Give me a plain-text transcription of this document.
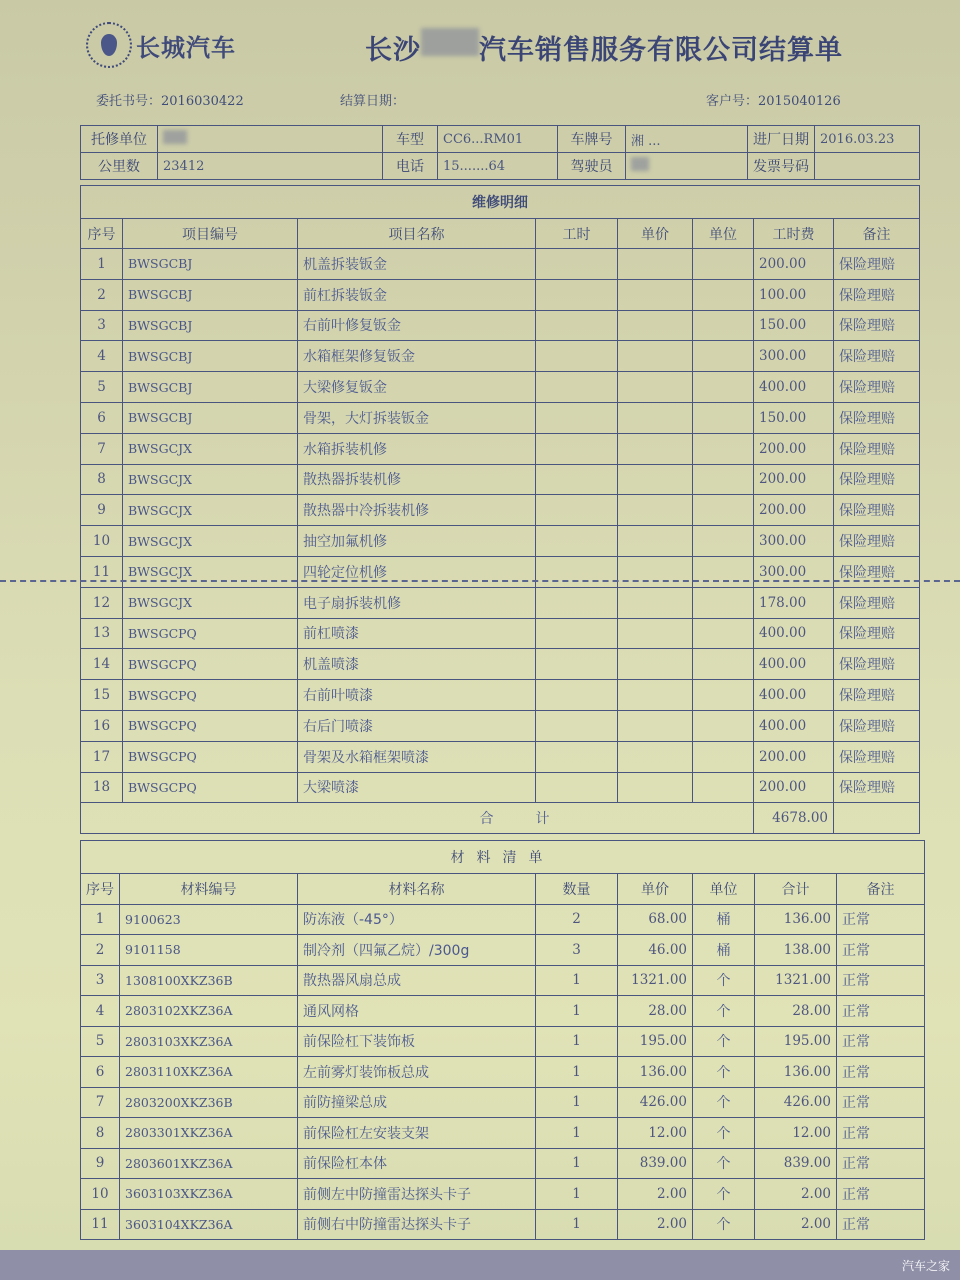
长城汽车	长沙 汽车销售服务有限公司结算单
委托书号：2016030422	结算日期：	客户号：2015040126
托修单位		车型	CC6...RM01	车牌号	湘 ...	进厂日期	2016.03.23
公里数	23412	电话	15.......64	驾驶员		发票号码	
维修明细							
序号	项目编号	项目名称	工时	单价	单位	工时费	备注
1	BWSGCBJ	机盖拆装钣金				200.00	保险理赔
2	BWSGCBJ	前杠拆装钣金				100.00	保险理赔
3	BWSGCBJ	右前叶修复钣金				150.00	保险理赔
4	BWSGCBJ	水箱框架修复钣金				300.00	保险理赔
5	BWSGCBJ	大梁修复钣金				400.00	保险理赔
6	BWSGCBJ	骨架，大灯拆装钣金				150.00	保险理赔
7	BWSGCJX	水箱拆装机修				200.00	保险理赔
8	BWSGCJX	散热器拆装机修				200.00	保险理赔
9	BWSGCJX	散热器中冷拆装机修				200.00	保险理赔
10	BWSGCJX	抽空加氟机修				300.00	保险理赔
11	BWSGCJX	四轮定位机修				300.00	保险理赔
12	BWSGCJX	电子扇拆装机修				178.00	保险理赔
13	BWSGCPQ	前杠喷漆				400.00	保险理赔
14	BWSGCPQ	机盖喷漆				400.00	保险理赔
15	BWSGCPQ	右前叶喷漆				400.00	保险理赔
16	BWSGCPQ	右后门喷漆				400.00	保险理赔
17	BWSGCPQ	骨架及水箱框架喷漆				200.00	保险理赔
18	BWSGCPQ	大梁喷漆				200.00	保险理赔
合　　　计						4678.00	
材料清单							
序号	材料编号	材料名称	数量	单价	单位	合计	备注
1	9100623	防冻液（-45°）	2	68.00	桶	136.00	正常
2	9101158	制冷剂（四氟乙烷）/300g	3	46.00	桶	138.00	正常
3	1308100XKZ36B	散热器风扇总成	1	1321.00	个	1321.00	正常
4	2803102XKZ36A	通风网格	1	28.00	个	28.00	正常
5	2803103XKZ36A	前保险杠下装饰板	1	195.00	个	195.00	正常
6	2803110XKZ36A	左前雾灯装饰板总成	1	136.00	个	136.00	正常
7	2803200XKZ36B	前防撞梁总成	1	426.00	个	426.00	正常
8	2803301XKZ36A	前保险杠左安装支架	1	12.00	个	12.00	正常
9	2803601XKZ36A	前保险杠本体	1	839.00	个	839.00	正常
10	3603103XKZ36A	前侧左中防撞雷达探头卡子	1	2.00	个	2.00	正常
11	3603104XKZ36A	前侧右中防撞雷达探头卡子	1	2.00	个	2.00	正常
汽车之家
